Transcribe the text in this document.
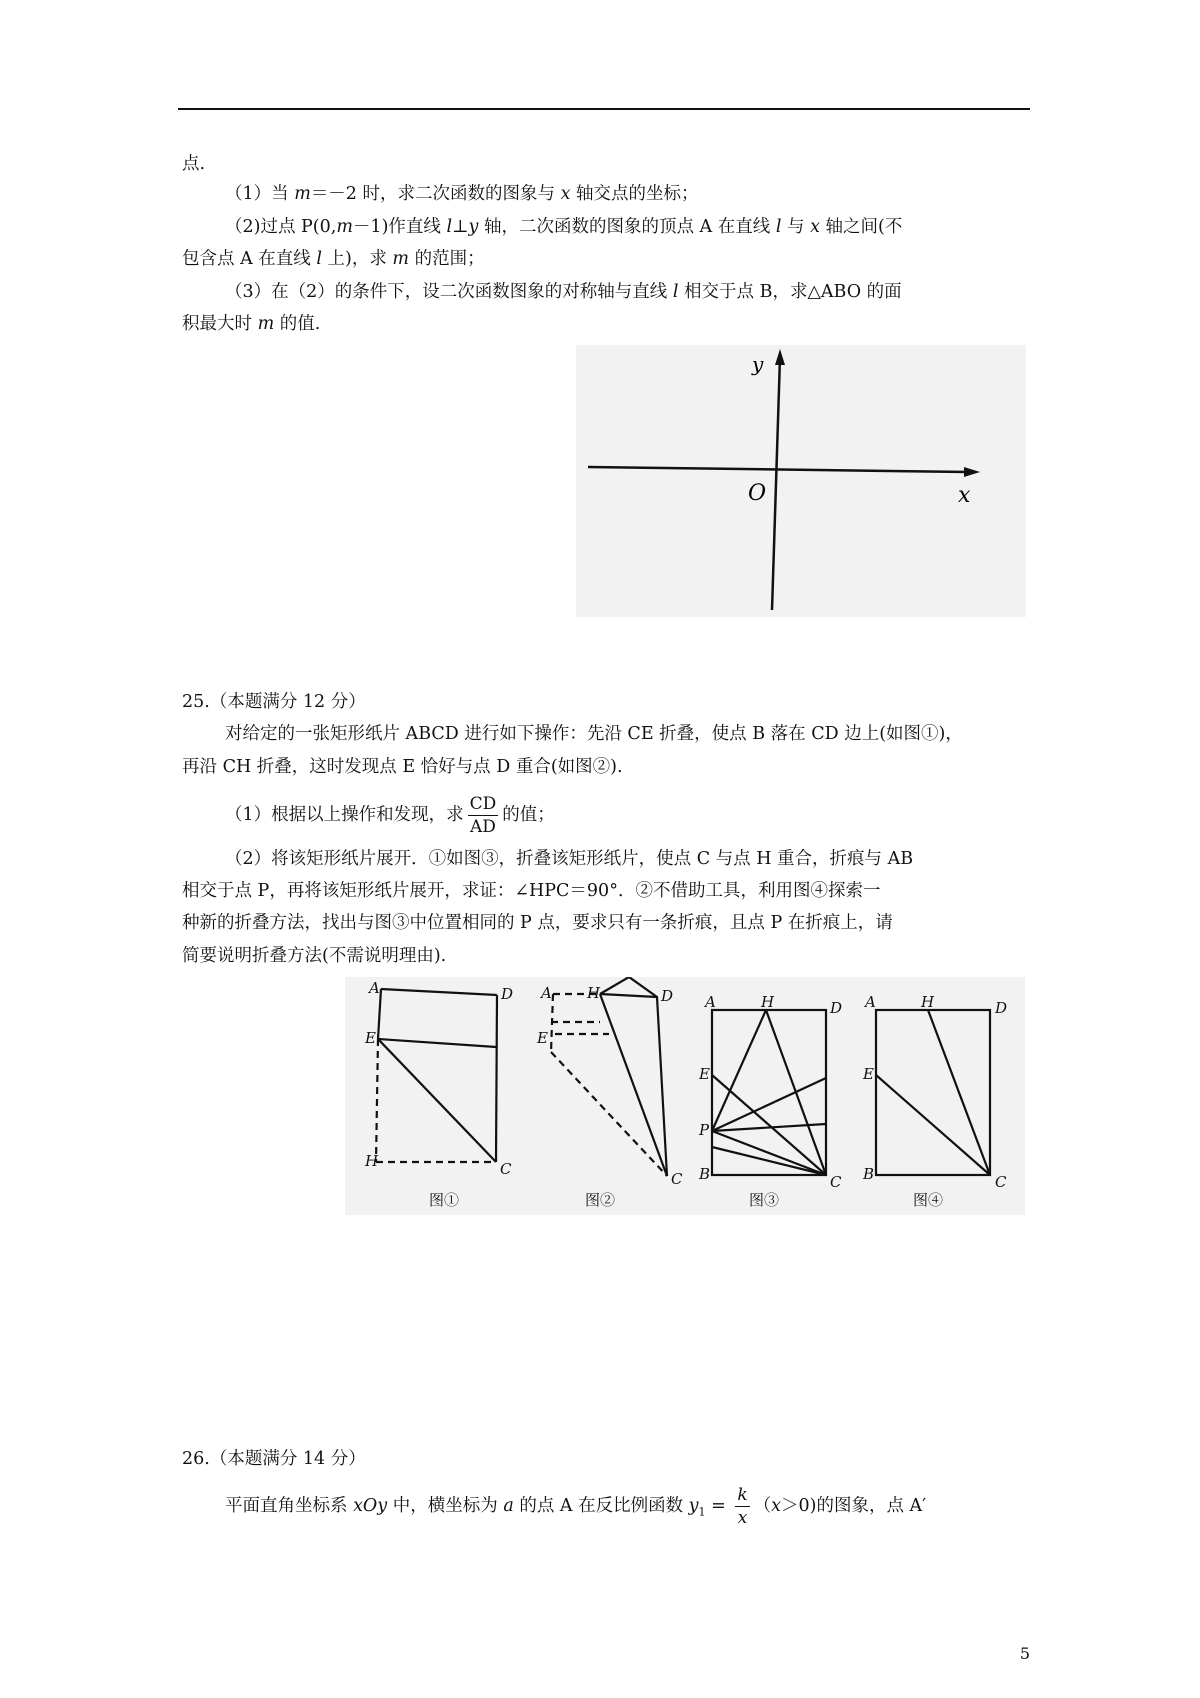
点.
（1）当 m＝－2 时，求二次函数的图象与 x 轴交点的坐标；
（2)过点 P(0,m－1)作直线 l⊥y 轴，二次函数的图象的顶点 A 在直线 l 与 x 轴之间(不
包含点 A 在直线 l 上)，求 m 的范围；
（3）在（2）的条件下，设二次函数图象的对称轴与直线 l 相交于点 B，求△ABO 的面
积最大时 m 的值.
y
O	x
25.（本题满分 12 分）
对给定的一张矩形纸片 ABCD 进行如下操作：先沿 CE 折叠，使点 B 落在 CD 边上(如图①)，
再沿 CH 折叠，这时发现点 E 恰好与点 D 重合(如图②).
（1）根据以上操作和发现，求 $\frac{CD}{AD}$ 的值；
（2）将该矩形纸片展开．①如图③，折叠该矩形纸片，使点 C 与点 H 重合，折痕与 AB
相交于点 P，再将该矩形纸片展开，求证：∠HPC＝90°．②不借助工具，利用图④探索一
种新的折叠方法，找出与图③中位置相同的 P 点，要求只有一条折痕，且点 P 在折痕上，请
简要说明折叠方法(不需说明理由).
A	D
E
H	C
图①
A H	D
E
C
图②
A	H	D
E
P
B	C
图③
A	H	D
E
B	C
图④
26.（本题满分 14 分）
平面直角坐标系 xOy 中，横坐标为 a 的点 A 在反比例函数 $y_1 = \frac{k}{x} (x>0)$的图象，点 A′
5
